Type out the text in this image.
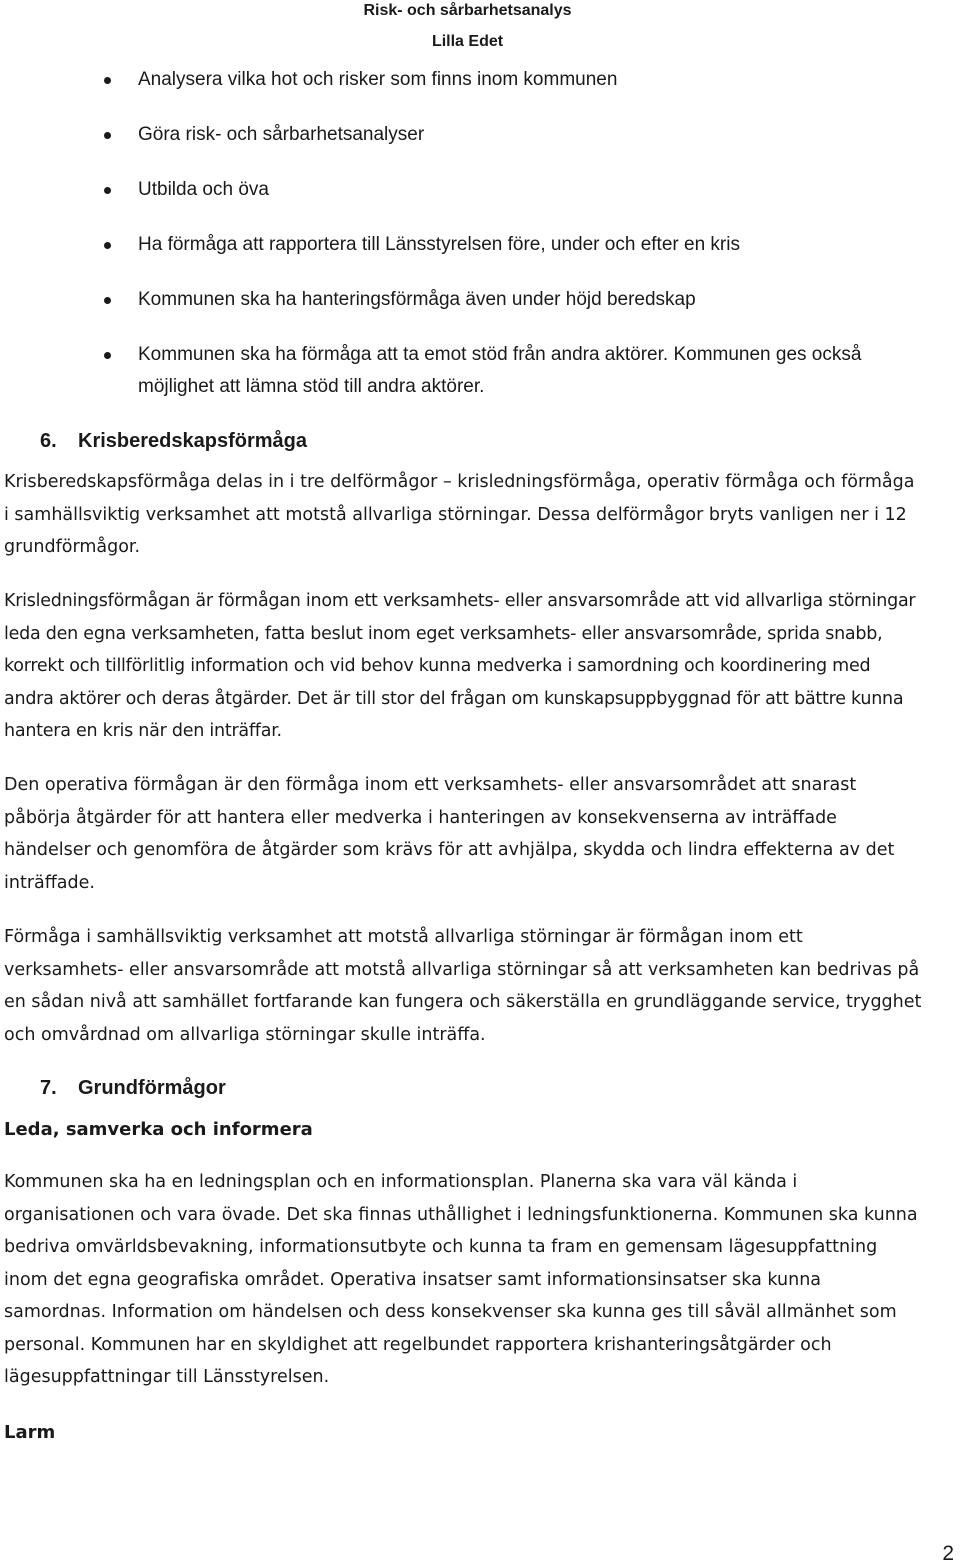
Risk- och sårbarhetsanalys
Lilla Edet
Analysera vilka hot och risker som finns inom kommunen
Göra risk- och sårbarhetsanalyser
Utbilda och öva
Ha förmåga att rapportera till Länsstyrelsen före, under och efter en kris
Kommunen ska ha hanteringsförmåga även under höjd beredskap
Kommunen ska ha förmåga att ta emot stöd från andra aktörer. Kommunen ges också möjlighet att lämna stöd till andra aktörer.
6. Krisberedskapsförmåga

Krisberedskapsförmåga delas in i tre delförmågor – krisledningsförmåga, operativ förmåga och förmåga i samhällsviktig verksamhet att motstå allvarliga störningar. Dessa delförmågor bryts vanligen ner i 12 grundförmågor.

Krisledningsförmågan är förmågan inom ett verksamhets- eller ansvarsområde att vid allvarliga störningar leda den egna verksamheten, fatta beslut inom eget verksamhets- eller ansvarsområde, sprida snabb, korrekt och tillförlitlig information och vid behov kunna medverka i samordning och koordinering med andra aktörer och deras åtgärder. Det är till stor del frågan om kunskapsuppbyggnad för att bättre kunna hantera en kris när den inträffar.

Den operativa förmågan är den förmåga inom ett verksamhets- eller ansvarsområdet att snarast påbörja åtgärder för att hantera eller medverka i hanteringen av konsekvenserna av inträffade händelser och genomföra de åtgärder som krävs för att avhjälpa, skydda och lindra effekterna av det inträffade.

Förmåga i samhällsviktig verksamhet att motstå allvarliga störningar är förmågan inom ett verksamhets- eller ansvarsområde att motstå allvarliga störningar så att verksamheten kan bedrivas på en sådan nivå att samhället fortfarande kan fungera och säkerställa en grundläggande service, trygghet och omvårdnad om allvarliga störningar skulle inträffa.

7. Grundförmågor
Leda, samverka och informera

Kommunen ska ha en ledningsplan och en informationsplan. Planerna ska vara väl kända i organisationen och vara övade. Det ska finnas uthållighet i ledningsfunktionerna. Kommunen ska kunna bedriva omvärldsbevakning, informationsutbyte och kunna ta fram en gemensam lägesuppfattning inom det egna geografiska området. Operativa insatser samt informationsinsatser ska kunna samordnas. Information om händelsen och dess konsekvenser ska kunna ges till såväl allmänhet som personal. Kommunen har en skyldighet att regelbundet rapportera krishanteringsåtgärder och lägesuppfattningar till Länsstyrelsen.

Larm
2
